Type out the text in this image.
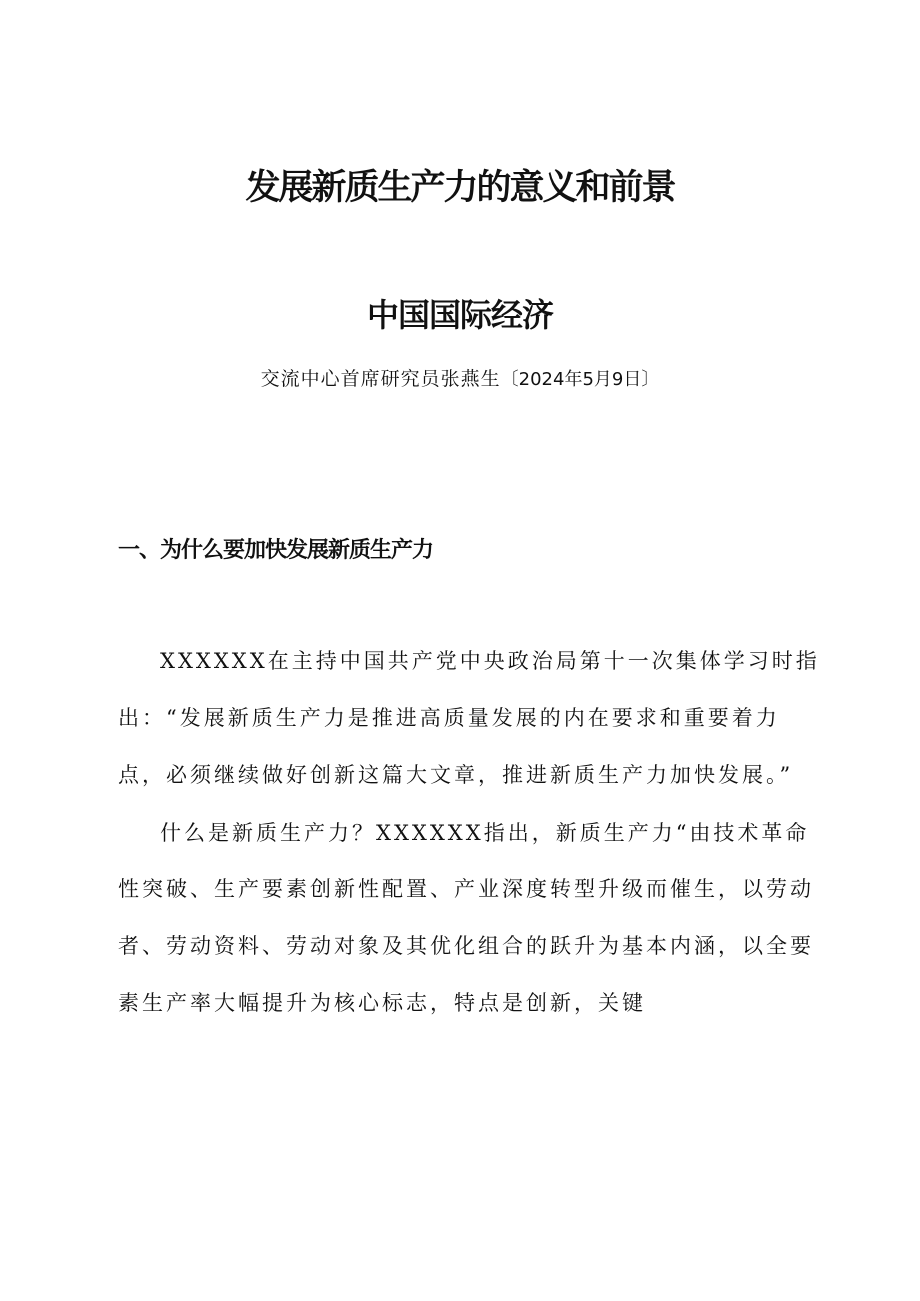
发展新质生产力的意义和前景
中国国际经济
交流中心首席研究员张燕生〔2024年5月9日〕
一、为什么要加快发展新质生产力

XXXXXX在主持中国共产党中央政治局第十一次集体学习时指

出：“发展新质生产力是推进高质量发展的内在要求和重要着力

点，必须继续做好创新这篇大文章，推进新质生产力加快发展。”

什么是新质生产力？XXXXXX指出，新质生产力“由技术革命

性突破、生产要素创新性配置、产业深度转型升级而催生，以劳动

者、劳动资料、劳动对象及其优化组合的跃升为基本内涵，以全要

素生产率大幅提升为核心标志，特点是创新，关键
